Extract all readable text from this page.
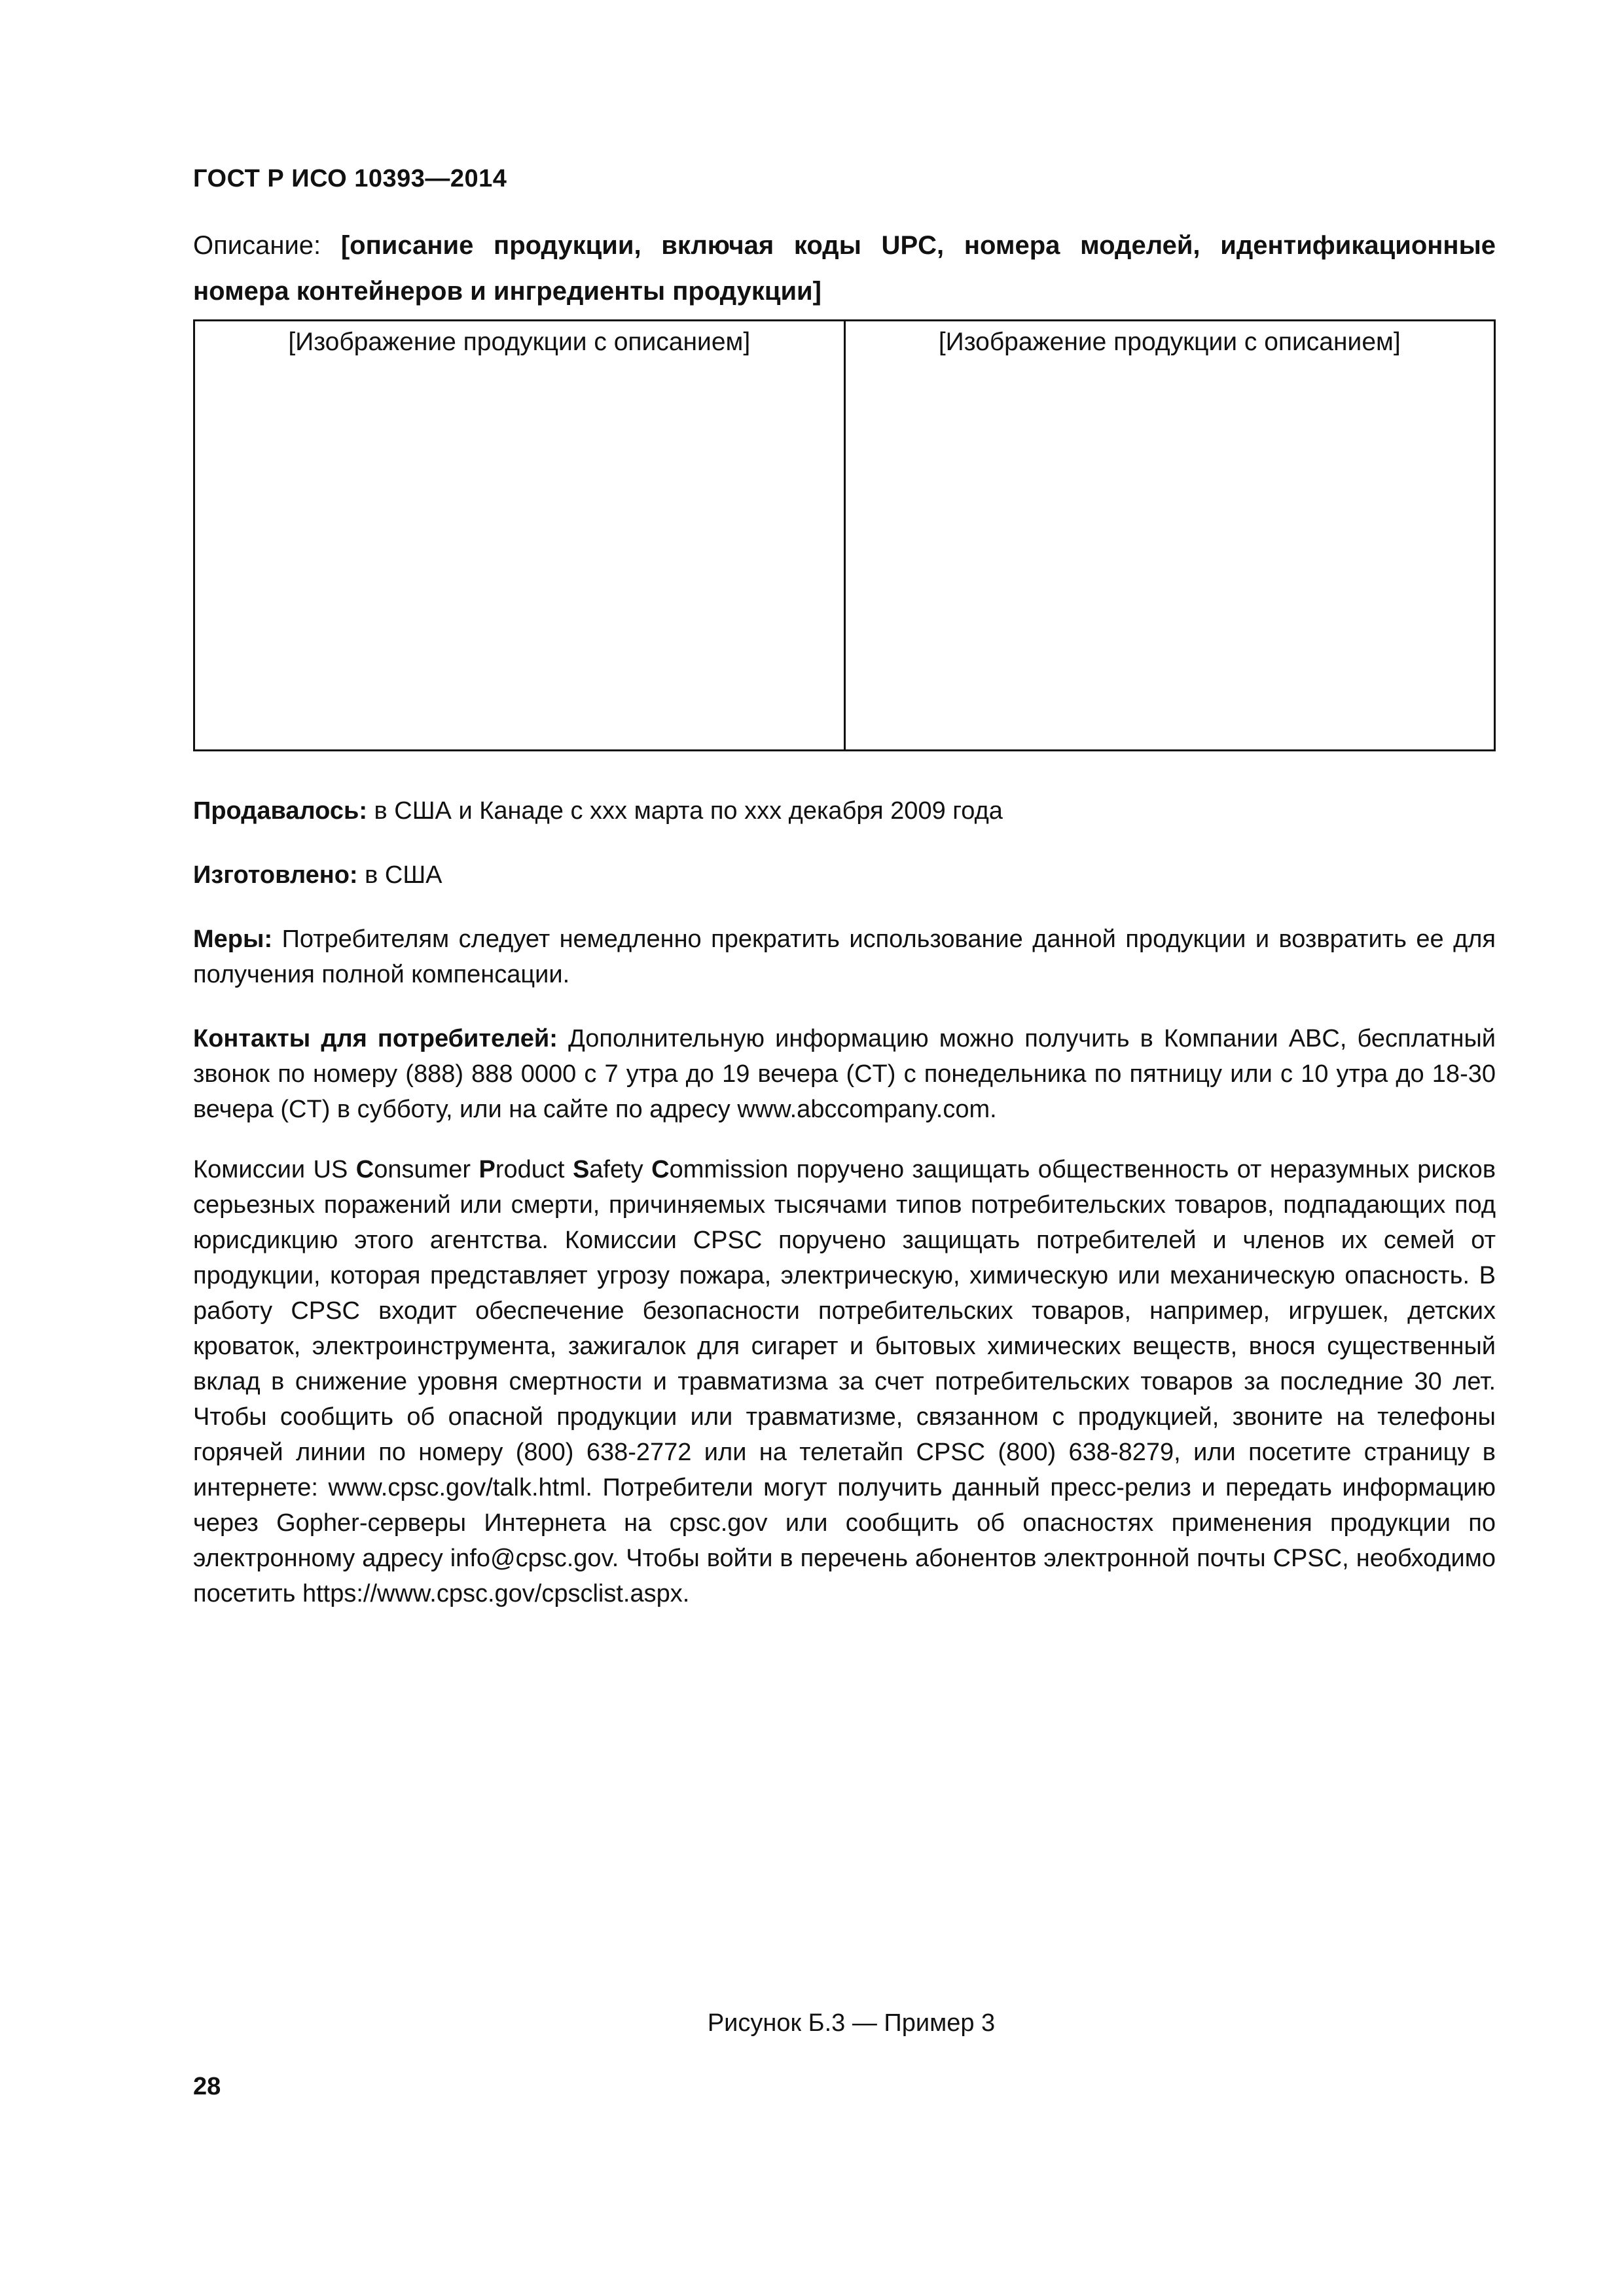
ГОСТ Р ИСО 10393—2014
Описание: [описание продукции, включая коды UPC, номера моделей, идентификационные номера контейнеров и ингредиенты продукции]
[Изображение продукции с описанием]	[Изображение продукции с описанием]
Продавалось: в США и Канаде с xxx марта по xxx декабря 2009 года
Изготовлено: в США
Меры: Потребителям следует немедленно прекратить использование данной продукции и возвратить ее для получения полной компенсации.
Контакты для потребителей: Дополнительную информацию можно получить в Компании ABC, бесплатный звонок по номеру (888) 888 0000 с 7 утра до 19 вечера (CT) с понедельника по пятницу или с 10 утра до 18-30 вечера (CT) в субботу, или на сайте по адресу www.abccompany.com.
Комиссии US Consumer Product Safety Commission поручено защищать общественность от неразумных рисков серьезных поражений или смерти, причиняемых тысячами типов потребительских товаров, подпадающих под юрисдикцию этого агентства. Комиссии CPSC поручено защищать потребителей и членов их семей от продукции, которая представляет угрозу пожара, электрическую, химическую или механическую опасность. В работу CPSC входит обеспечение безопасности потребительских товаров, например, игрушек, детских кроваток, электроинструмента, зажигалок для сигарет и бытовых химических веществ, внося существенный вклад в снижение уровня смертности и травматизма за счет потребительских товаров за последние 30 лет. Чтобы сообщить об опасной продукции или травматизме, связанном с продукцией, звоните на телефоны горячей линии по номеру (800) 638-2772 или на телетайп CPSC (800) 638-8279, или посетите страницу в интернете: www.cpsc.gov/talk.html. Потребители могут получить данный пресс-релиз и передать информацию через Gopher-серверы Интернета на cpsc.gov или сообщить об опасностях применения продукции по электронному адресу info@cpsc.gov. Чтобы войти в перечень абонентов электронной почты CPSC, необходимо посетить https://www.cpsc.gov/cpsclist.aspx.
Рисунок Б.3 — Пример 3
28
